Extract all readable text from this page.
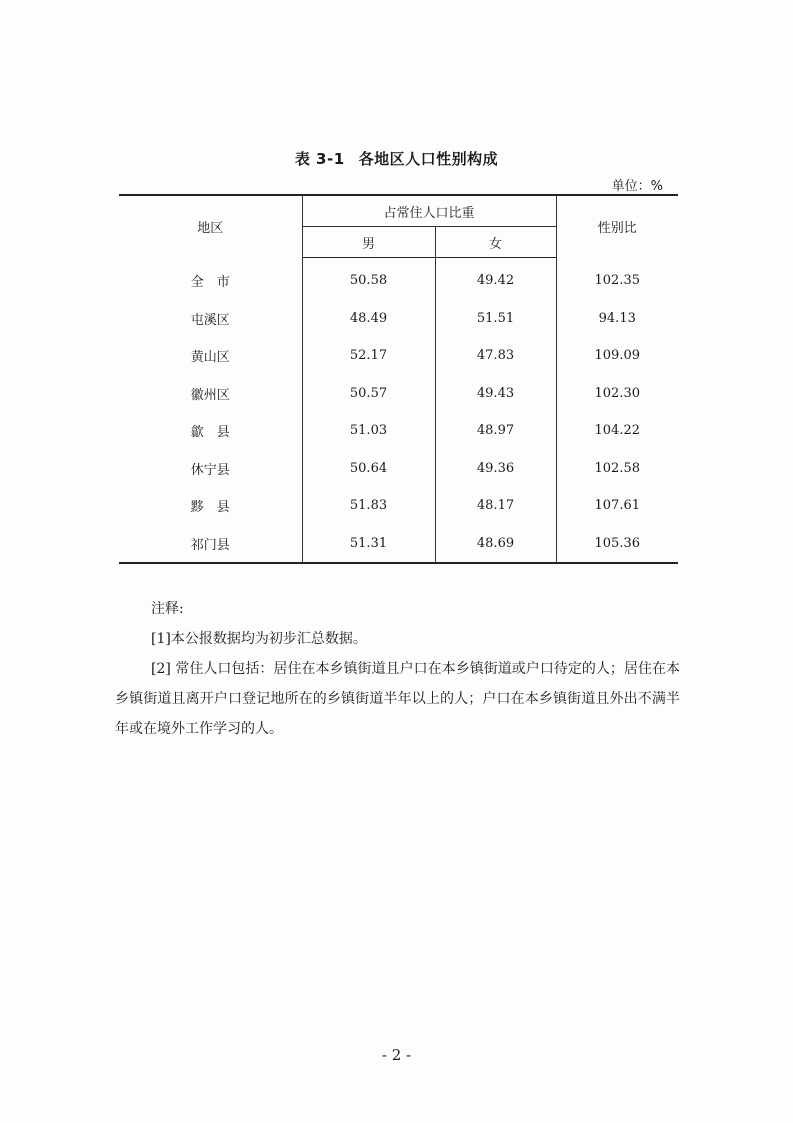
表 3-1 各地区人口性别构成
单位：%
地区	占常住人口比重		性别比
	男	女	
全　市	50.58	49.42	102.35
屯溪区	48.49	51.51	94.13
黄山区	52.17	47.83	109.09
徽州区	50.57	49.43	102.30
歙　县	51.03	48.97	104.22
休宁县	50.64	49.36	102.58
黟　县	51.83	48.17	107.61
祁门县	51.31	48.69	105.36

注释:

[1]本公报数据均为初步汇总数据。

[2] 常住人口包括：居住在本乡镇街道且户口在本乡镇街道或户口待定的人；居住在本乡镇街道且离开户口登记地所在的乡镇街道半年以上的人；户口在本乡镇街道且外出不满半年或在境外工作学习的人。

- 2 -
